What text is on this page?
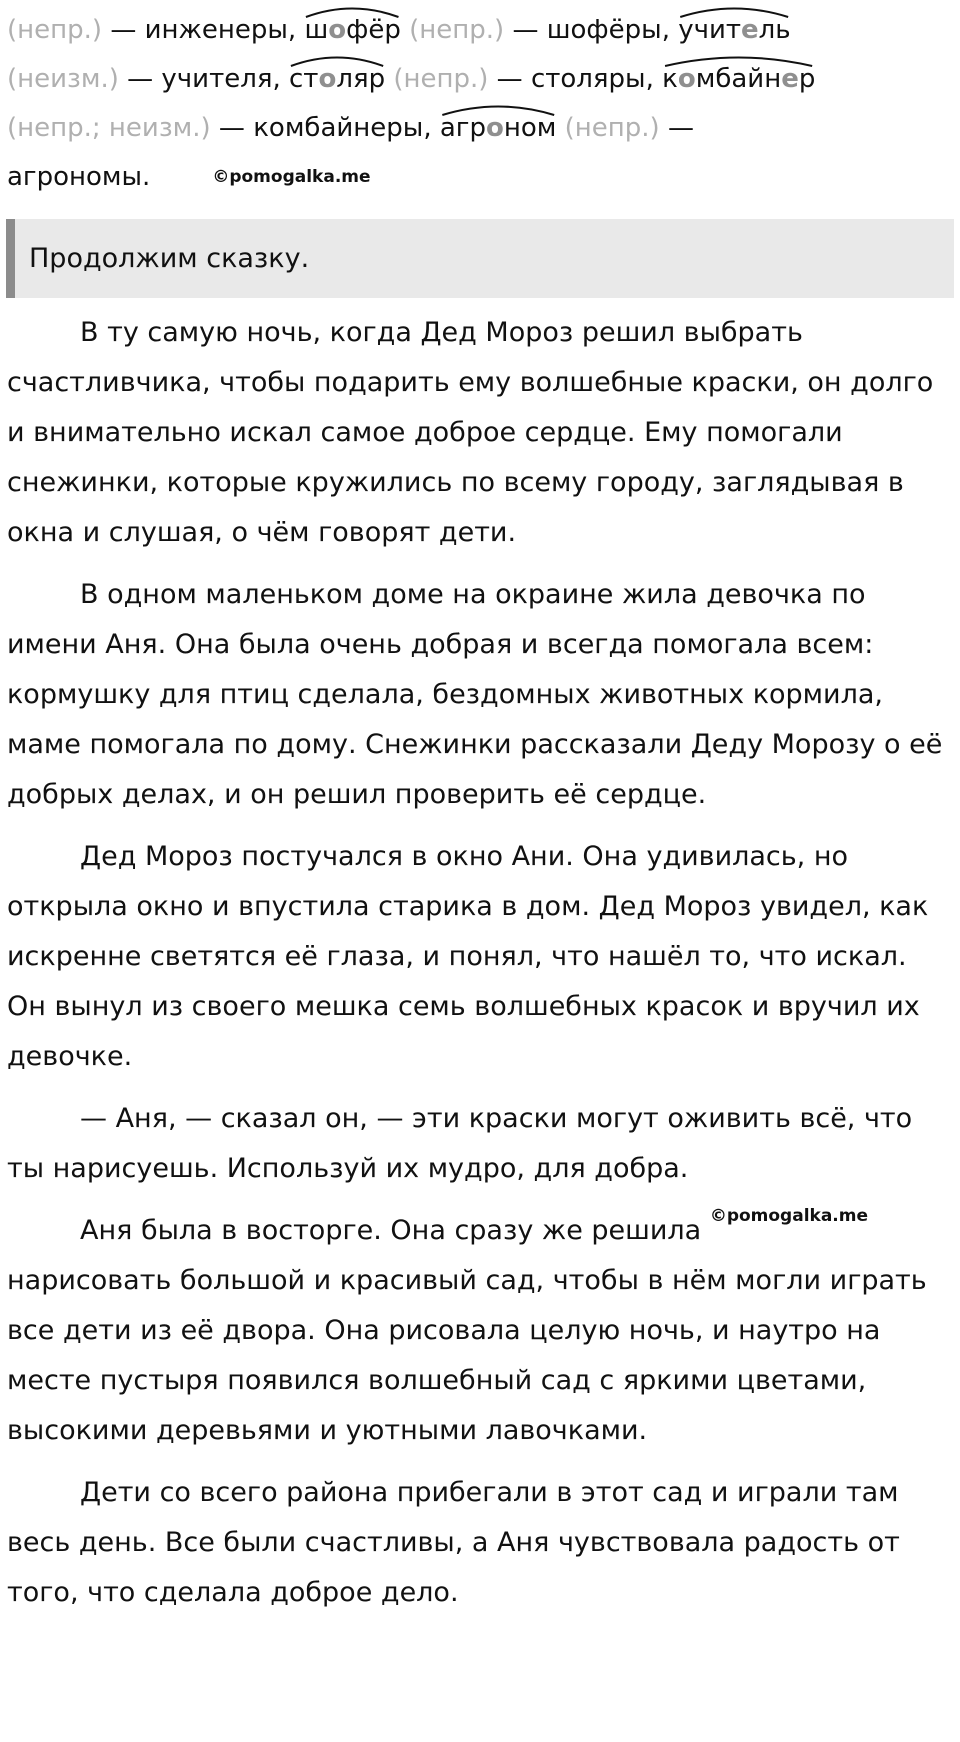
(непр.) — инженеры,
шофёр (непр.) — шофёры,
учитель
(неизм.) — учителя,
столяр (непр.) — столяры,
комбайнер
(непр.; неизм.) — комбайнеры,
агроном (непр.) —
агрономы.	©pomogalka.me
Продолжим сказку.

В ту самую ночь, когда Дед Мороз решил выбрать счастливчика, чтобы подарить ему волшебные краски, он долго и внимательно искал самое доброе сердце. Ему помогали снежинки, которые кружились по всему городу, заглядывая в окна и слушая, о чём говорят дети.

В одном маленьком доме на окраине жила девочка по имени Аня. Она была очень добрая и всегда помогала всем: кормушку для птиц сделала, бездомных животных кормила, маме помогала по дому. Снежинки рассказали Деду Морозу о её добрых делах, и он решил проверить её сердце.

Дед Мороз постучался в окно Ани. Она удивилась, но открыла окно и впустила старика в дом. Дед Мороз увидел, как искренне светятся её глаза, и понял, что нашёл то, что искал. Он вынул из своего мешка семь волшебных красок и вручил их девочке.

— Аня, — сказал он, — эти краски могут оживить всё, что ты нарисуешь. Используй их мудро, для добра.

Аня была в восторге. Она сразу же решила $^{©pomogalka.me}$ нарисовать большой и красивый сад, чтобы в нём могли играть все дети из её двора. Она рисовала целую ночь, и наутро на месте пустыря появился волшебный сад с яркими цветами, высокими деревьями и уютными лавочками.

Дети со всего района прибегали в этот сад и играли там весь день. Все были счастливы, а Аня чувствовала радость от того, что сделала доброе дело.
